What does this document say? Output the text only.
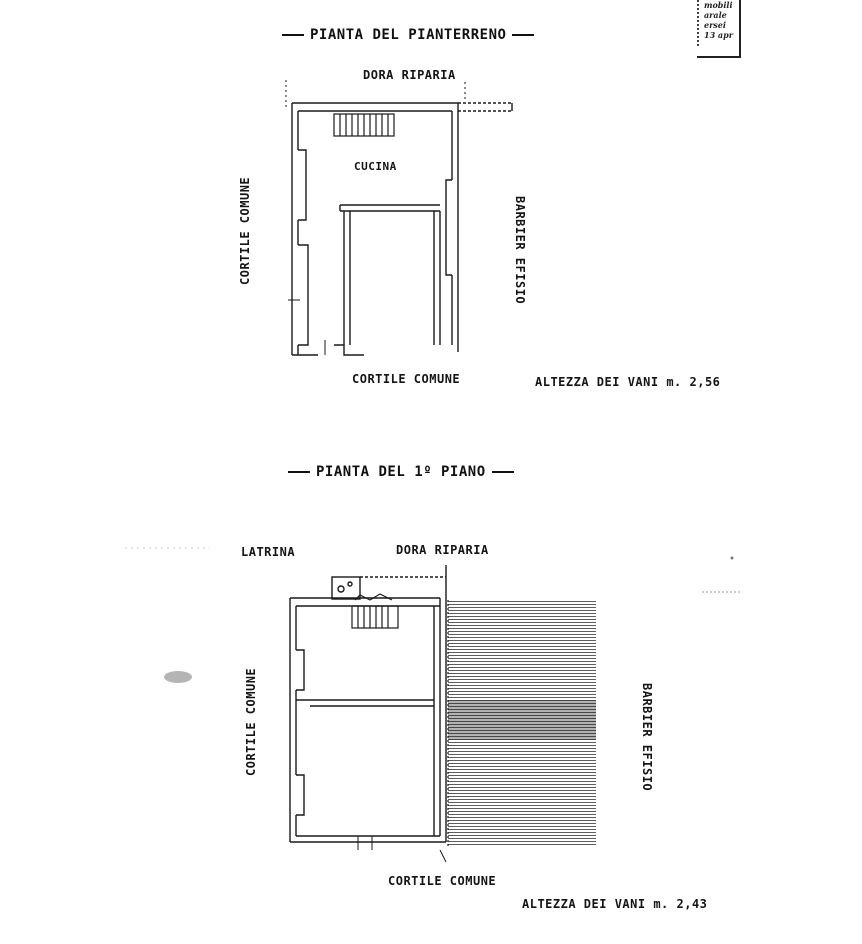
mobili
arale
ersei
13 apr
PIANTA DEL PIANTERRENO
DORA RIPARIA
CUCINA
CORTILE COMUNE	BARBIER EFISIO
CORTILE COMUNE	ALTEZZA DEI VANI m. 2,56
PIANTA DEL 1º PIANO
LATRINA	DORA RIPARIA
CORTILE COMUNE	BARBIER EFISIO
CORTILE COMUNE
ALTEZZA DEI VANI m. 2,43
